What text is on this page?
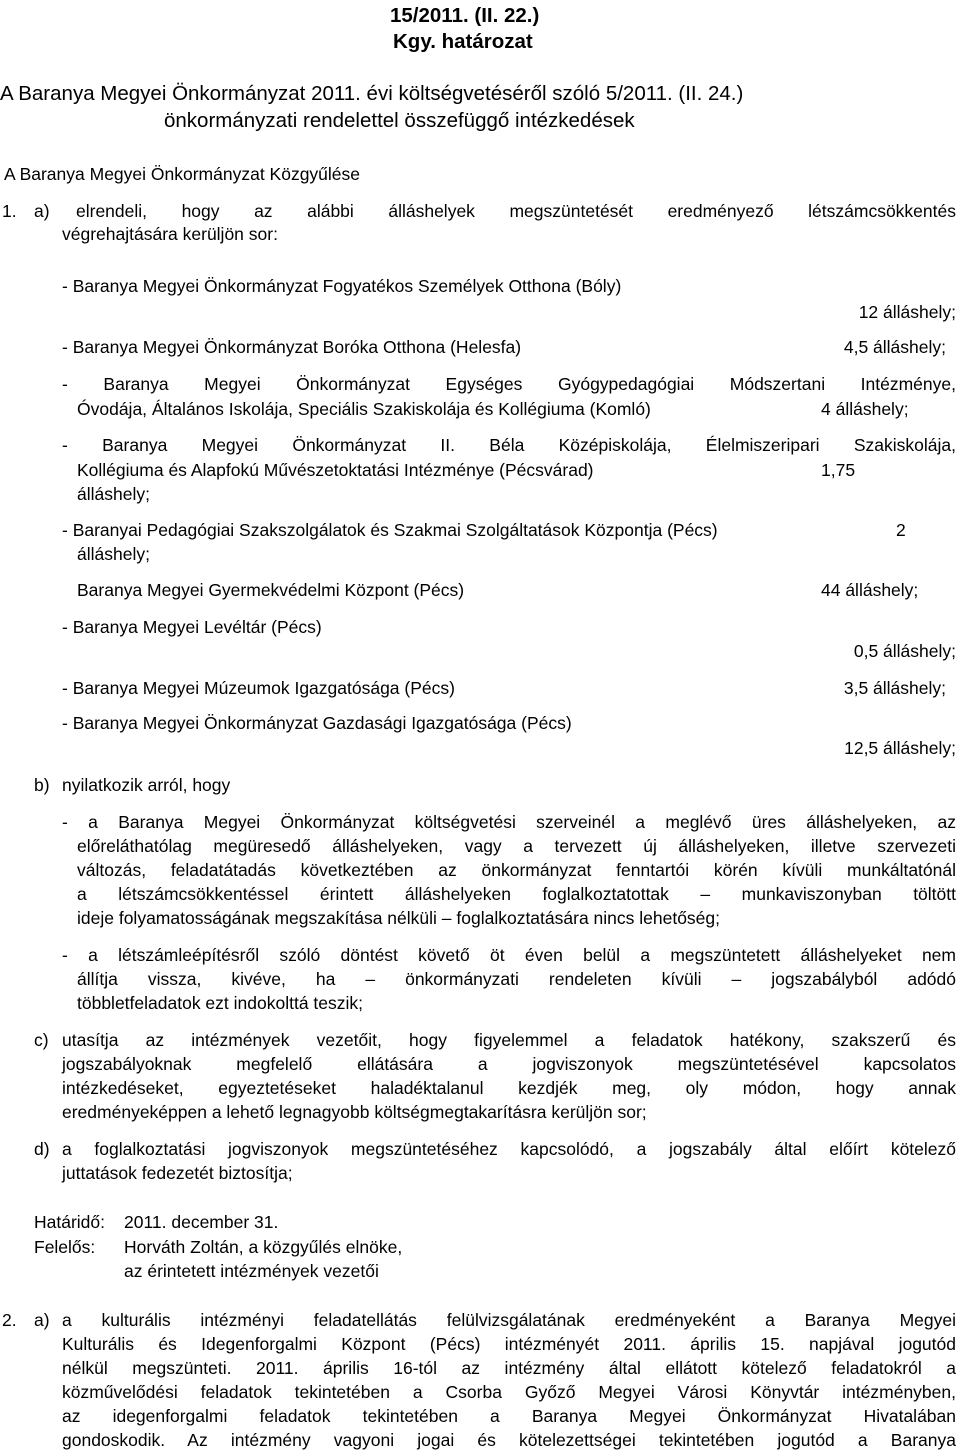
15/2011. (II. 22.)
Kgy. határozat
A Baranya Megyei Önkormányzat 2011. évi költségvetéséről szóló 5/2011. (II. 24.)
önkormányzati rendelettel összefüggő intézkedések
A Baranya Megyei Önkormányzat Közgyűlése
1. a) elrendeli, hogy az alábbi álláshelyek megszüntetését eredményező létszámcsökkentés
végrehajtására kerüljön sor:
- Baranya Megyei Önkormányzat Fogyatékos Személyek Otthona (Bóly)
12 álláshely;
- Baranya Megyei Önkormányzat Boróka Otthona (Helesfa)	4,5 álláshely;
- Baranya Megyei Önkormányzat Egységes Gyógypedagógiai Módszertani Intézménye,
Óvodája, Általános Iskolája, Speciális Szakiskolája és Kollégiuma (Komló)	4 álláshely;
- Baranya Megyei Önkormányzat II. Béla Középiskolája, Élelmiszeripari Szakiskolája,
Kollégiuma és Alapfokú Művészetoktatási Intézménye (Pécsvárad)	1,75
álláshely;
- Baranyai Pedagógiai Szakszolgálatok és Szakmai Szolgáltatások Központja (Pécs)	2
álláshely;
Baranya Megyei Gyermekvédelmi Központ (Pécs)	44 álláshely;
- Baranya Megyei Levéltár (Pécs)
0,5 álláshely;
- Baranya Megyei Múzeumok Igazgatósága (Pécs)	3,5 álláshely;
- Baranya Megyei Önkormányzat Gazdasági Igazgatósága (Pécs)
12,5 álláshely;
b) nyilatkozik arról, hogy
- a Baranya Megyei Önkormányzat költségvetési szerveinél a meglévő üres álláshelyeken, az
előreláthatólag megüresedő álláshelyeken, vagy a tervezett új álláshelyeken, illetve szervezeti
változás, feladatátadás következtében az önkormányzat fenntartói körén kívüli munkáltatónál
a létszámcsökkentéssel érintett álláshelyeken foglalkoztatottak – munkaviszonyban töltött
ideje folyamatosságának megszakítása nélküli – foglalkoztatására nincs lehetőség;
- a létszámleépítésről szóló döntést követő öt éven belül a megszüntetett álláshelyeket nem
állítja vissza, kivéve, ha – önkormányzati rendeleten kívüli – jogszabályból adódó
többletfeladatok ezt indokolttá teszik;
c) utasítja az intézmények vezetőit, hogy figyelemmel a feladatok hatékony, szakszerű és
jogszabályoknak megfelelő ellátására a jogviszonyok megszüntetésével kapcsolatos
intézkedéseket, egyeztetéseket haladéktalanul kezdjék meg, oly módon, hogy annak
eredményeképpen a lehető legnagyobb költségmegtakarításra kerüljön sor;
d) a foglalkoztatási jogviszonyok megszüntetéséhez kapcsolódó, a jogszabály által előírt kötelező
juttatások fedezetét biztosítja;
Határidő: 2011. december 31.
Felelős: Horváth Zoltán, a közgyűlés elnöke,
az érintetett intézmények vezetői
2. a) a kulturális intézményi feladatellátás felülvizsgálatának eredményeként a Baranya Megyei
Kulturális és Idegenforgalmi Központ (Pécs) intézményét 2011. április 15. napjával jogutód
nélkül megszünteti. 2011. április 16-tól az intézmény által ellátott kötelező feladatokról a
közművelődési feladatok tekintetében a Csorba Győző Megyei Városi Könyvtár intézményben,
az idegenforgalmi feladatok tekintetében a Baranya Megyei Önkormányzat Hivatalában
gondoskodik. Az intézmény vagyoni jogai és kötelezettségei tekintetében jogutód a Baranya
